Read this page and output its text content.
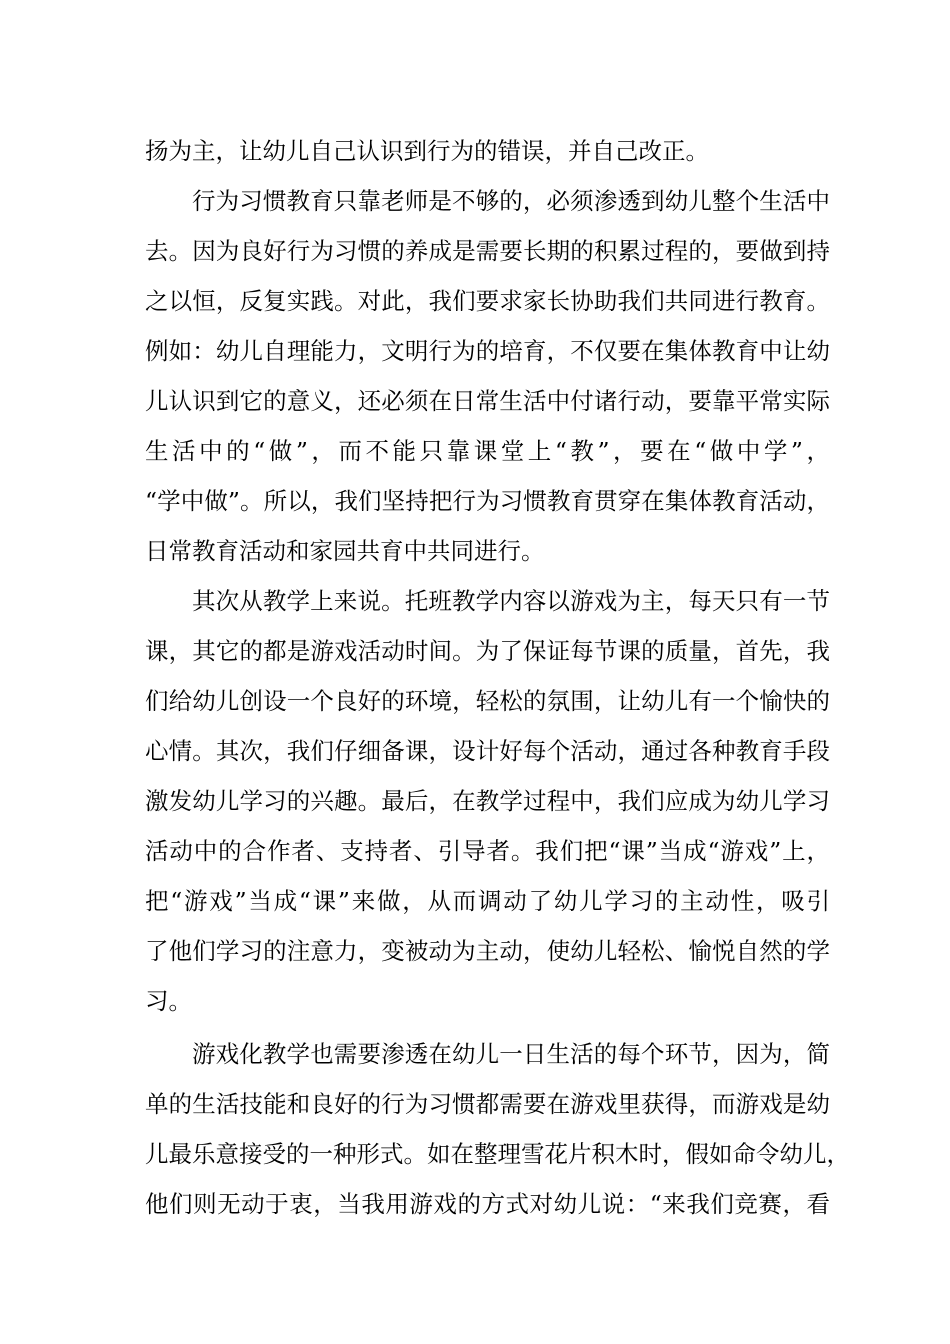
扬为主，让幼儿自己认识到行为的错误，并自己改正。
行为习惯教育只靠老师是不够的，必须渗透到幼儿整个生活中
去。因为良好行为习惯的养成是需要长期的积累过程的，要做到持
之以恒，反复实践。对此，我们要求家长协助我们共同进行教育。
例如：幼儿自理能力，文明行为的培育，不仅要在集体教育中让幼
儿认识到它的意义，还必须在日常生活中付诸行动，要靠平常实际
生活中的“做”，而不能只靠课堂上“教”，要在“做中学”，
“学中做”。所以，我们坚持把行为习惯教育贯穿在集体教育活动，
日常教育活动和家园共育中共同进行。
其次从教学上来说。托班教学内容以游戏为主，每天只有一节
课，其它的都是游戏活动时间。为了保证每节课的质量，首先，我
们给幼儿创设一个良好的环境，轻松的氛围，让幼儿有一个愉快的
心情。其次，我们仔细备课，设计好每个活动，通过各种教育手段
激发幼儿学习的兴趣。最后，在教学过程中，我们应成为幼儿学习
活动中的合作者、支持者、引导者。我们把“课”当成“游戏”上，
把“游戏”当成“课”来做，从而调动了幼儿学习的主动性，吸引
了他们学习的注意力，变被动为主动，使幼儿轻松、愉悦自然的学
习。
游戏化教学也需要渗透在幼儿一日生活的每个环节，因为，简
单的生活技能和良好的行为习惯都需要在游戏里获得，而游戏是幼
儿最乐意接受的一种形式。如在整理雪花片积木时，假如命令幼儿，
他们则无动于衷，当我用游戏的方式对幼儿说：“来我们竞赛，看
